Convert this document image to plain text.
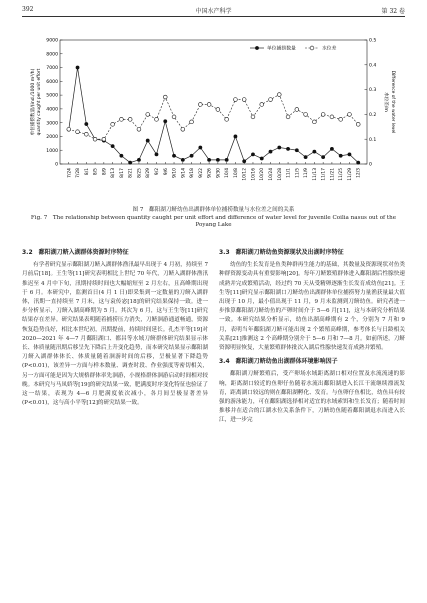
392	中国水产科学	第 32 卷
0
1000
2000
3000
4000
5000
6000
7000
8000
9000
0
0.1
0.2
0.3
0.4
0.5
7/24 7/28 8/1 8/5 8/9 8/13 8/17 8/21 8/25 8/29 9/2 9/6 9/10 9/14 9/18 9/22 9/26 9/30 10/4 10/8 10/12 10/16 10/20 10/24 10/28 11/1 11/5 11/9 11/13 11/17 11/21 11/25 11/29 12/3
单位捕捞数量	水位差
单位捕捞数量/(ind./1000 m³/h) quantity caught per unit effort	水位差/m Difference of the water level
图 7　鄱阳湖刀鲚幼鱼出湖群体单位捕捞数量与水位差之间的关系
Fig. 7　The relationship between quantity caught per unit effort and difference of water level for juvenile Coilia nasus out of the Poyang Lake
3.2　鄱阳湖刀鲚入湖群体资源时序特征

有学者研究显示鄱阳湖刀鲚入湖群体渔汛最早出现于 4 月初，持续至 7 月前后[18]。王生等[11]研究表明相比上世纪 70 年代，刀鲚入湖群体渔汛推迟至 4 月中下旬，汛期持续时间也大幅缩短至 2 月左右，且高峰期出现于 6 月。本研究中，监测首日(4 月 1 日)即采集到一定数量的刀鲚入湖群体，汛期一直持续至 7 月末，这与袁传宓[18]的研究结果保持一致。进一步分析显示，刀鲚入湖高峰期为 5 月。其次为 6 月，这与王生等[11]研究结果存在差异。研究结果表明随着捕捞压力消失，刀鲚洄游通道畅通，资源恢复趋势良好，相比本世纪初，汛期提前，持续时间延长。孔杰平等[19]对 2020—2021 年 4—7 月鄱阳湖口、都昌等水域刀鲚群体研究结果显示体长、体质量随汛期后移呈先下降后上升变化趋势，而本研究结果显示鄱阳湖刀鲚入湖群体体长、体质量随着洄游时间的后移，呈极显著下降趋势(P<0.01)，该差异一方面与样本数量、调查时段、作业强度等密切相关，另一方面可能是因为大规格群体率先洄游，小规格群体洄游启动时间相对较晚。本研究与马凤娇等[19]的研究结果一致，肥满度时序变化特征也验证了这一结果，表现为 4—6 月肥满度依次减小，各月间呈极显著差异(P<0.01)，这与高小平等[12]的研究结果一致。

3.3　鄱阳湖刀鲚幼鱼资源现状及出湖时序特征

幼鱼的生长发育是鱼类种群再生能力的基础，其数量及资源现状对鱼类种群资源变动具有重要影响[20]。每年刀鲚繁殖群体进入鄱阳湖后性腺快速成熟并完成繁殖活动，经过约 70 天从受精卵逐渐生长发育成幼鱼[21]。王生等[11]研究显示鄱阳湖口刀鲚幼鱼出湖群体单位捕捞努力量渔获量最大值出现于 10 月，最小值出现于 11 月，9 月未监测到刀鲚幼鱼。研究者进一步推算鄱阳湖刀鲚幼鱼的产卵时间介于 5—6 月[11]，这与本研究分析结果一致。本研究结果分析显示，幼鱼出湖高峰期有 2 个，分别为 7 月和 9 月，表明当年鄱阳湖刀鲚可能出现 2 个繁殖高峰期，参考体长与日龄相关关系[21]推测这 2 个高峰期分别介于 5—6 月和 7—8 月。如前所述，刀鲚资源明显恢复，大量繁殖群体批次入湖后性腺快速发育成熟并繁殖。

3.4　鄱阳湖刀鲚幼鱼出湖群体环境影响因子

鄱阳湖刀鲚繁殖后，受产卵场水域距离湖口相对位置及水流流速的影响，距离湖口较近的鱼卵仔鱼随着水流出鄱阳湖进入长江干流继续漂流发育，距离湖口较远的则在鄱阳湖孵化、发育。与鱼卵仔鱼相比，幼鱼具有较强的游泳能力，可在鄱阳湖选择相对适宜的水域索饵和生长发育；随着时间推移并在适合的江湖水位关系条件下，刀鲚幼鱼随着鄱阳湖退水而进入长江，进一步完
